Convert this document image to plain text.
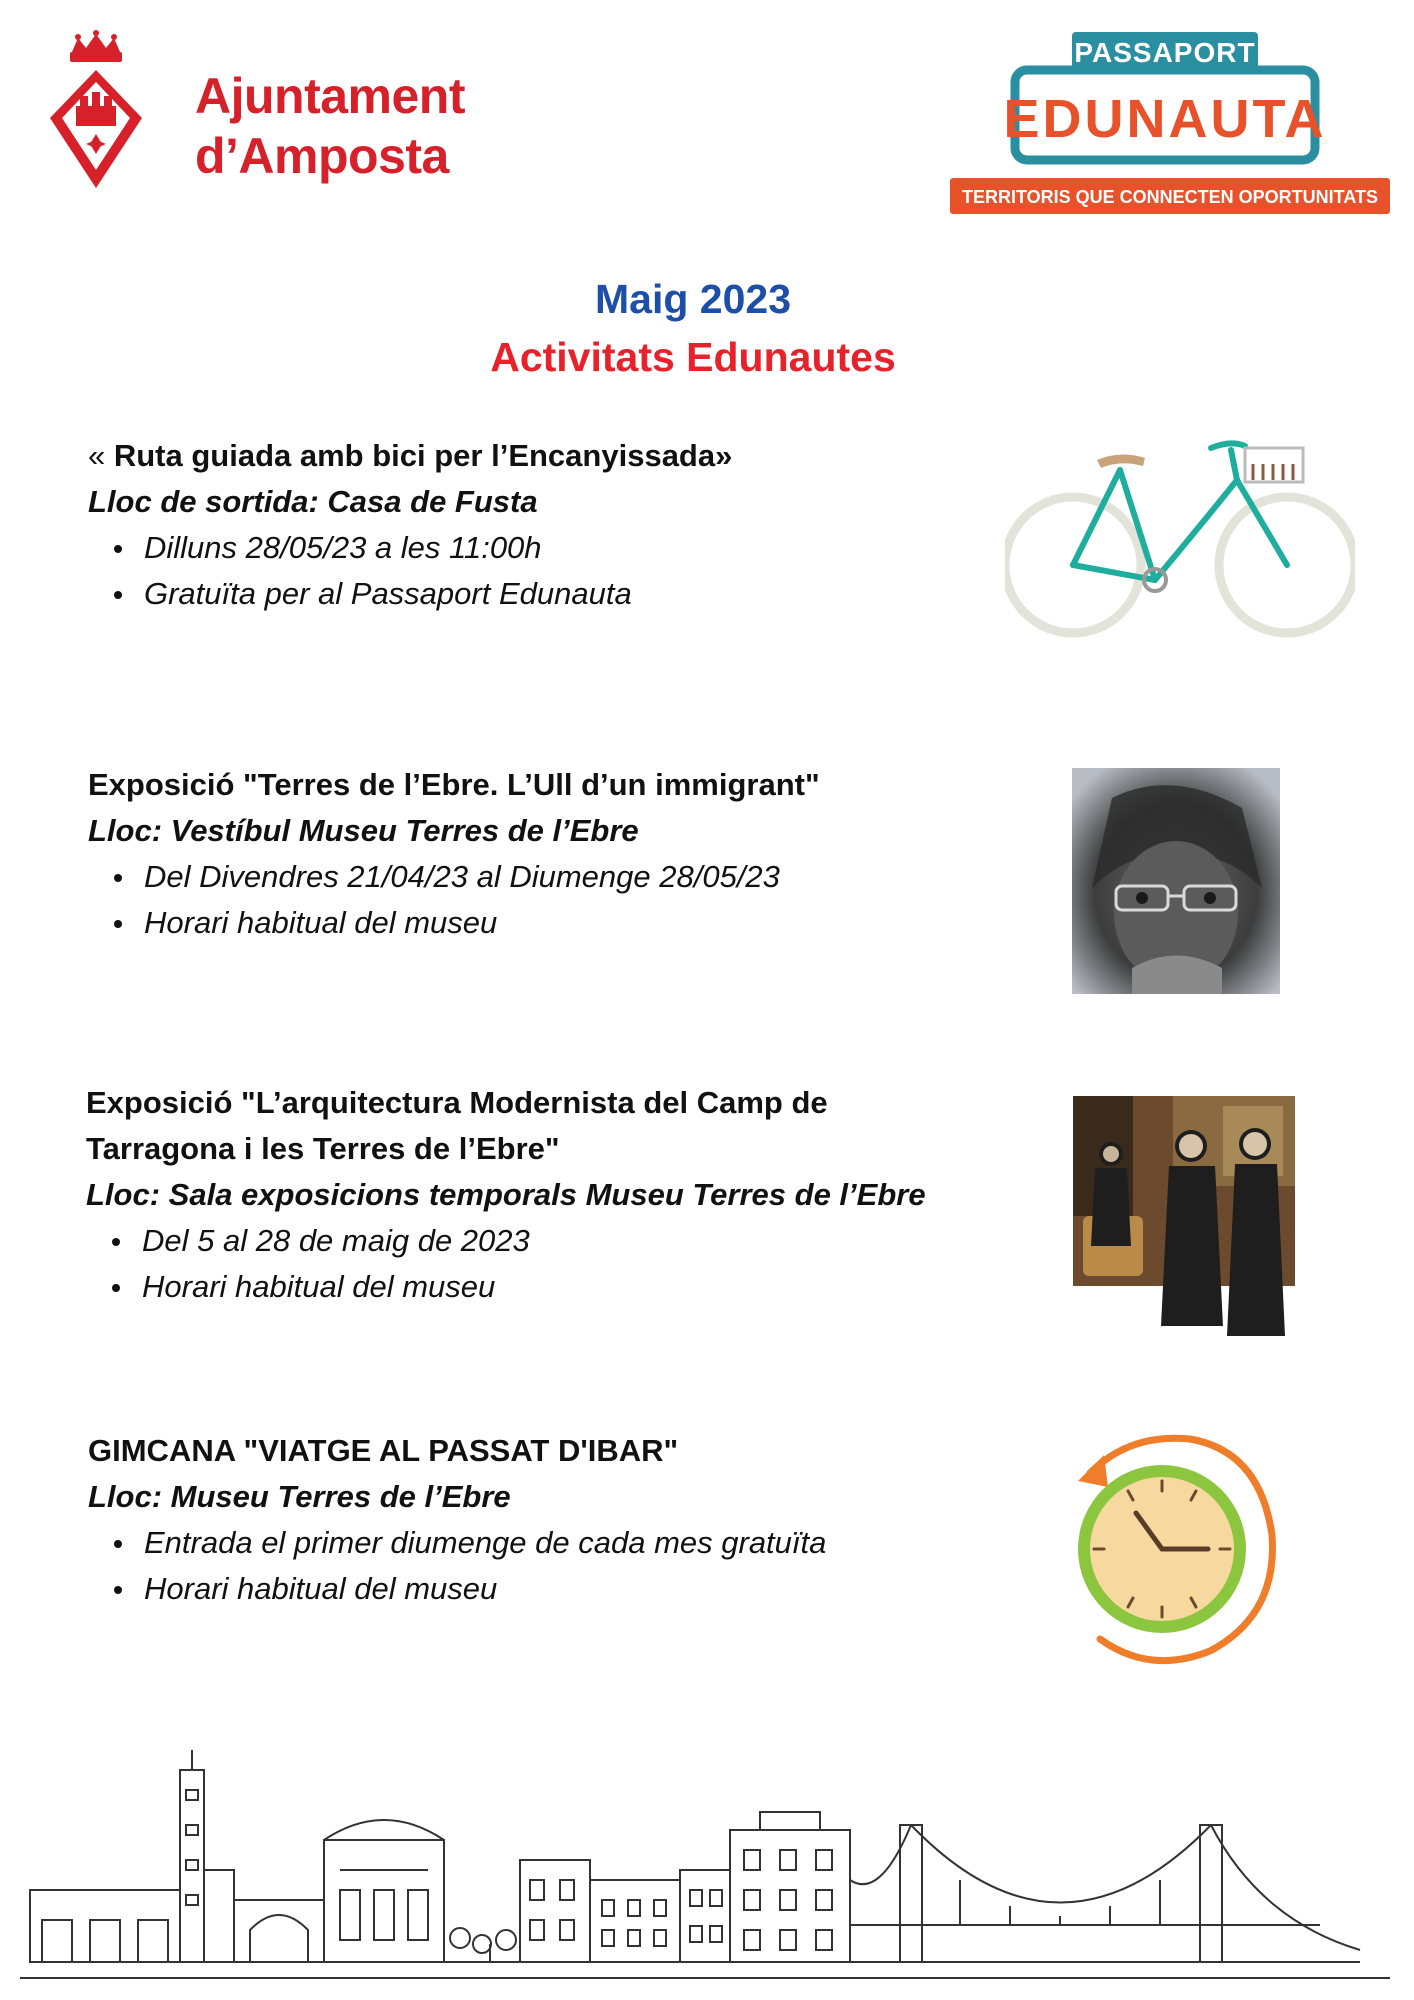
Ajuntament
d’Amposta
PASSAPORT
EDUNAUTA
TERRITORIS QUE CONNECTEN OPORTUNITATS
Maig 2023
Activitats Edunautes
« Ruta guiada amb bici per l’Encanyissada»
Lloc de sortida: Casa de Fusta
Dilluns 28/05/23 a les 11:00h
Gratuïta per al Passaport Edunauta
Exposició "Terres de l’Ebre. L’Ull d’un immigrant"
Lloc: Vestíbul Museu Terres de l’Ebre
Del Divendres 21/04/23 al Diumenge 28/05/23
Horari habitual del museu
Exposició "L’arquitectura Modernista del Camp de
Tarragona i les Terres de l’Ebre"
Lloc: Sala exposicions temporals Museu Terres de l’Ebre
Del 5 al 28 de maig de 2023
Horari habitual del museu
GIMCANA "VIATGE AL PASSAT D'IBAR"
Lloc: Museu Terres de l’Ebre
Entrada el primer diumenge de cada mes gratuïta
Horari habitual del museu
